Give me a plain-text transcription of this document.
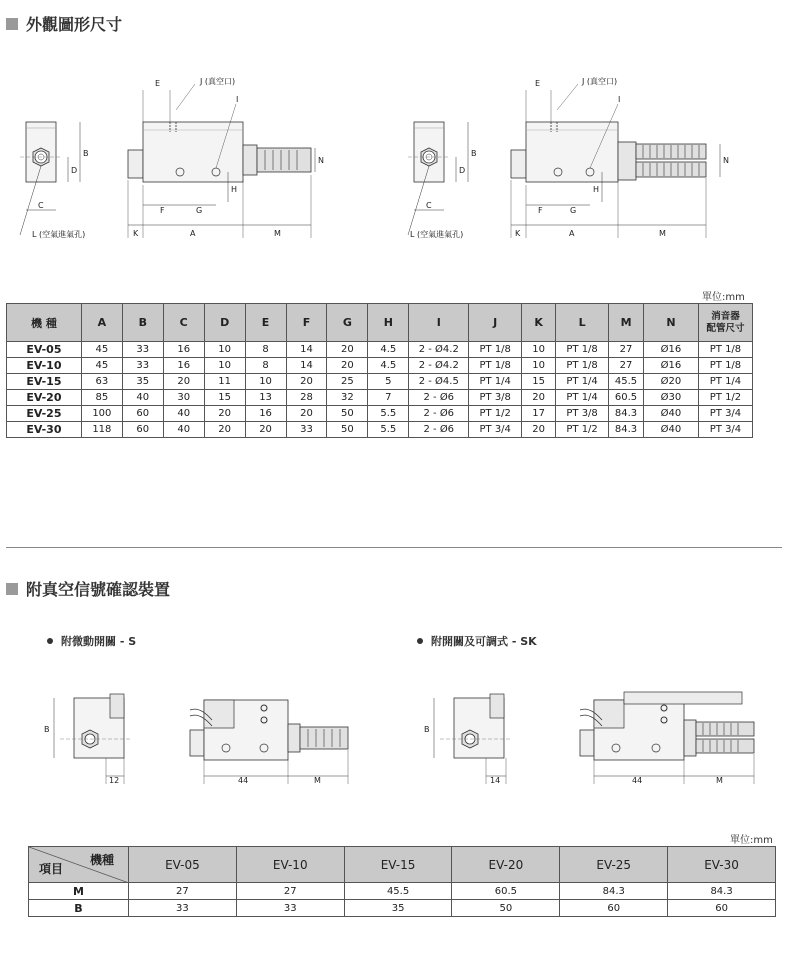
外觀圖形尺寸
B
D
C
L (空氣進氣孔)
E	J (真空口)
I
N
H
F	G
K	A	M
B
D
C
L (空氣進氣孔)
E	J (真空口)
I
N
H
F	G
K	A	M
單位:mm
機 種	A	B	C	D	E	F	G	H	I	J	K	L	M	N	消音器
配管尺寸

EV-05	45	33	16	10	8	14	20	4.5	2 - Ø4.2	PT 1/8	10	PT 1/8	27	Ø16	PT 1/8
EV-10	45	33	16	10	8	14	20	4.5	2 - Ø4.2	PT 1/8	10	PT 1/8	27	Ø16	PT 1/8
EV-15	63	35	20	11	10	20	25	5	2 - Ø4.5	PT 1/4	15	PT 1/4	45.5	Ø20	PT 1/4
EV-20	85	40	30	15	13	28	32	7	2 - Ø6	PT 3/8	20	PT 1/4	60.5	Ø30	PT 1/2
EV-25	100	60	40	20	16	20	50	5.5	2 - Ø6	PT 1/2	17	PT 3/8	84.3	Ø40	PT 3/4
EV-30	118	60	40	20	20	33	50	5.5	2 - Ø6	PT 3/4	20	PT 1/2	84.3	Ø40	PT 3/4
附真空信號確認裝置
附微動開關 - S	附開關及可調式 - SK
B
12	44	M
B
14	44	M
單位:mm
機種
項目	EV-05	EV-10	EV-15	EV-20	EV-25	EV-30
M	27	27	45.5	60.5	84.3	84.3
B	33	33	35	50	60	60
